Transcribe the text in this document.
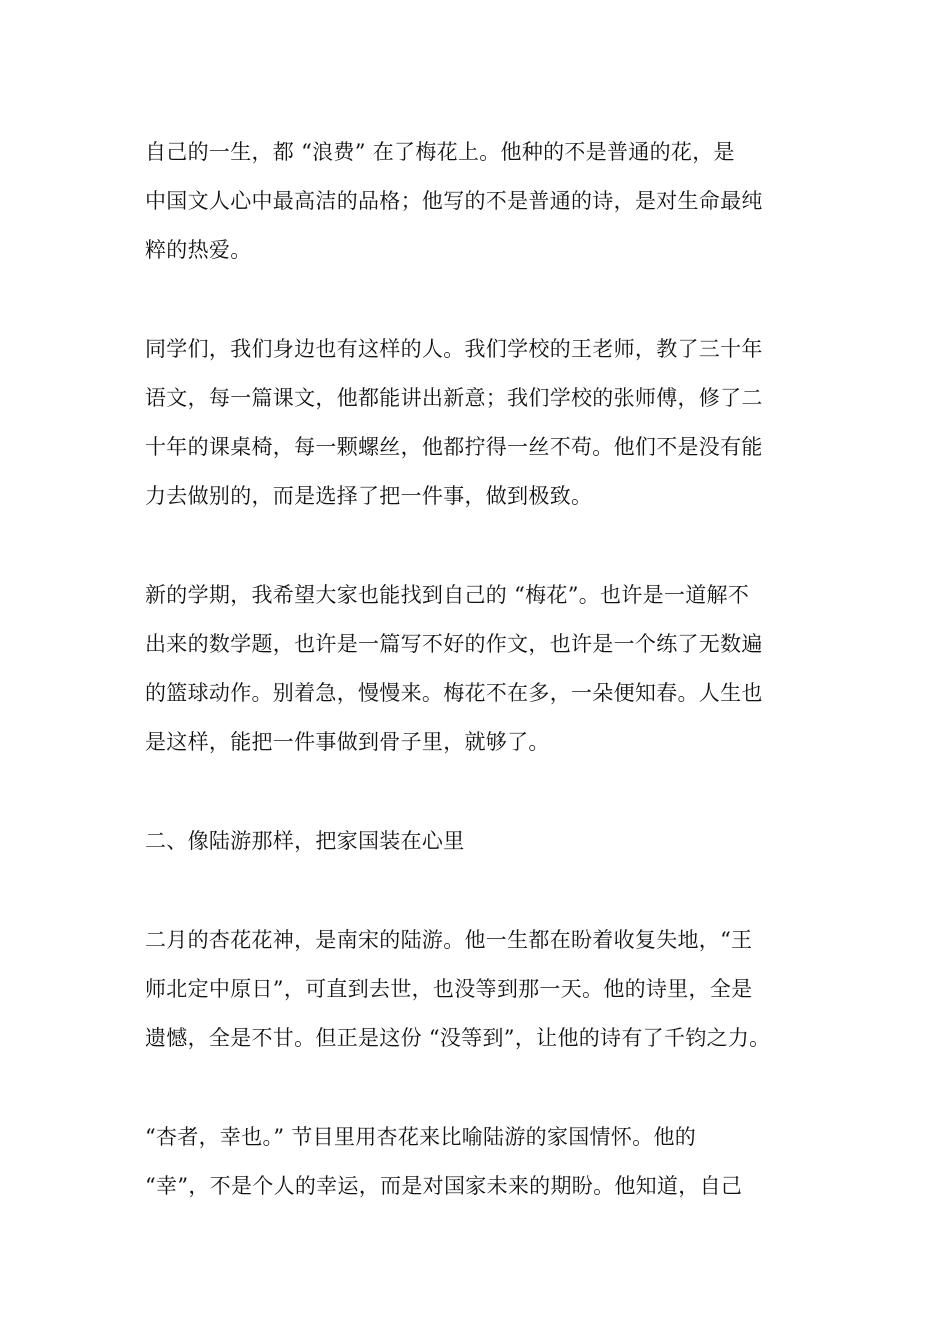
自己的一生，都 “浪费” 在了梅花上。他种的不是普通的花，是
中国文人心中最高洁的品格；他写的不是普通的诗，是对生命最纯
粹的热爱。
同学们，我们身边也有这样的人。我们学校的王老师，教了三十年
语文，每一篇课文，他都能讲出新意；我们学校的张师傅，修了二
十年的课桌椅，每一颗螺丝，他都拧得一丝不苟。他们不是没有能
力去做别的，而是选择了把一件事，做到极致。
新的学期，我希望大家也能找到自己的 “梅花”。也许是一道解不
出来的数学题，也许是一篇写不好的作文，也许是一个练了无数遍
的篮球动作。别着急，慢慢来。梅花不在多，一朵便知春。人生也
是这样，能把一件事做到骨子里，就够了。
二、像陆游那样，把家国装在心里
二月的杏花花神，是南宋的陆游。他一生都在盼着收复失地，“王
师北定中原日”，可直到去世，也没等到那一天。他的诗里，全是
遗憾，全是不甘。但正是这份 “没等到”，让他的诗有了千钧之力。
“杏者，幸也。” 节目里用杏花来比喻陆游的家国情怀。他的
“幸”，不是个人的幸运，而是对国家未来的期盼。他知道，自己
